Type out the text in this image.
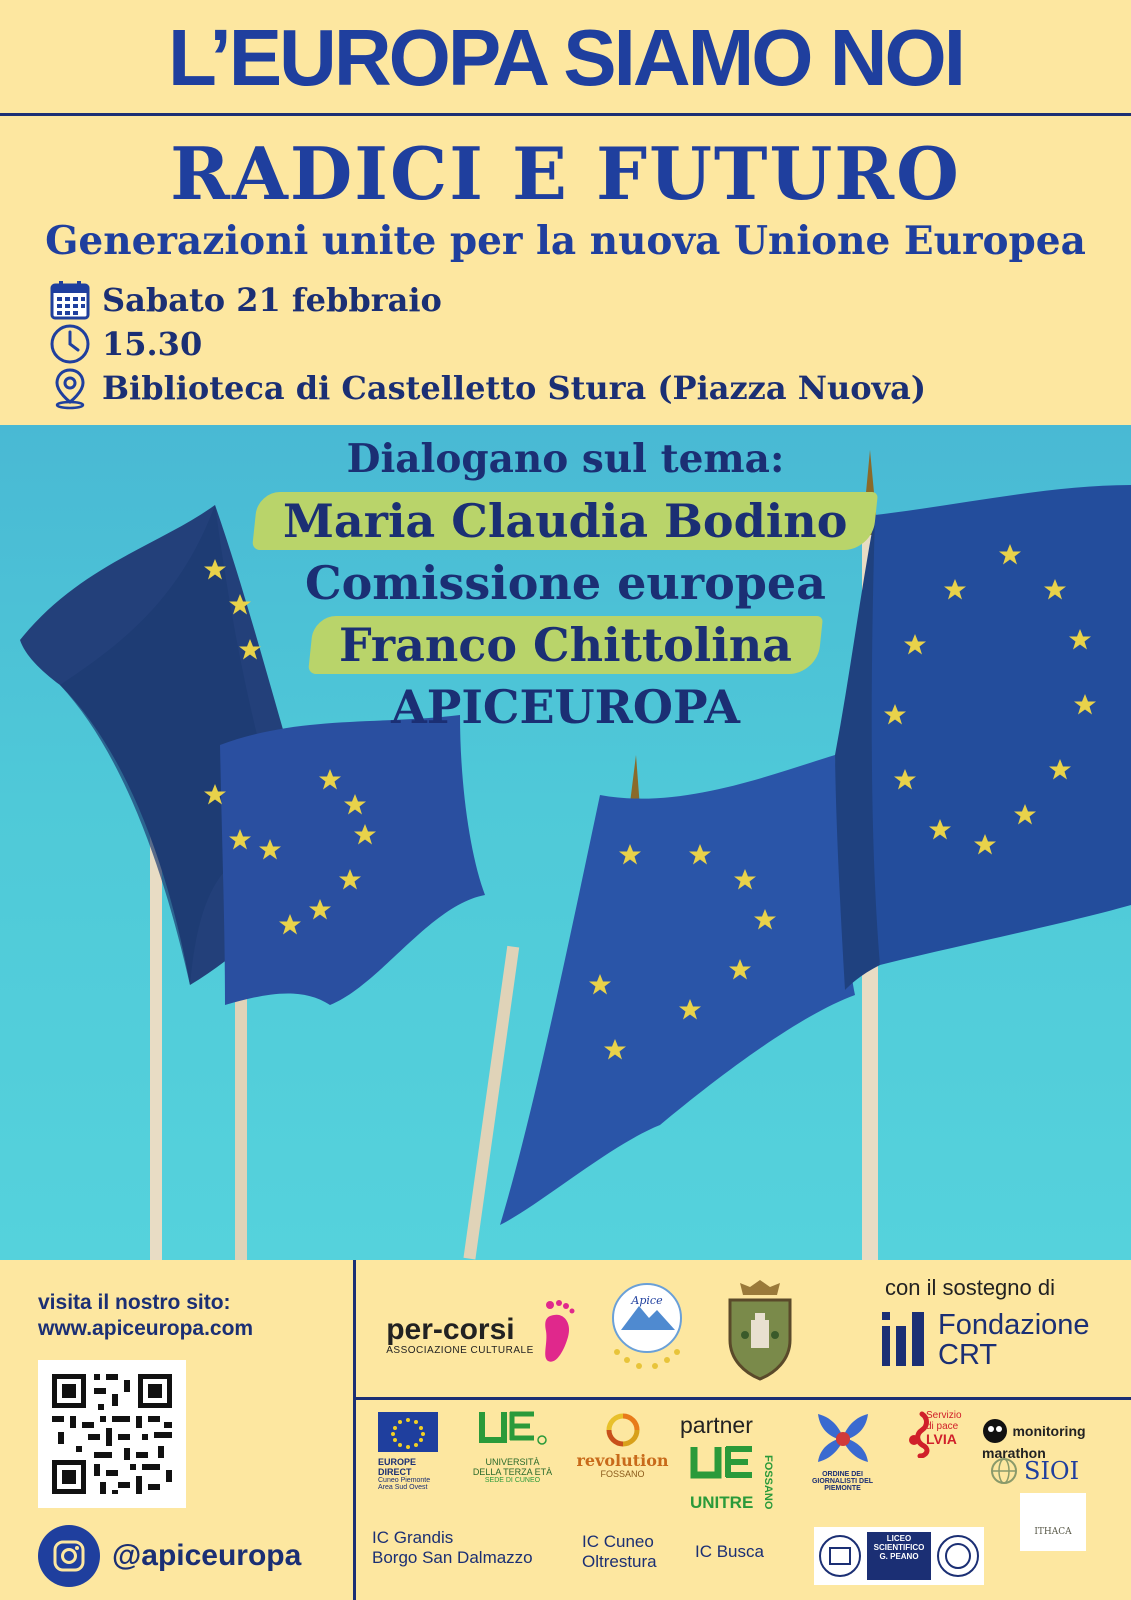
L’EUROPA SIAMO NOI
RADICI E FUTURO
Generazioni unite per la nuova Unione Europea
Sabato 21 febbraio
15.30
Biblioteca di Castelletto Stura (Piazza Nuova)
Dialogano sul tema:
Maria Claudia Bodino
Comissione europea
Franco Chittolina
APICEUROPA
visita il nostro sito:
www.apiceuropa.com
@apiceuropa
per-corsi
ASSOCIAZIONE CULTURALE
Apice
con il sostegno di
Fondazione
CRT
partner
EUROPE DIRECT
Cuneo Piemonte Area Sud Ovest
UNIVERSITÀ
DELLA TERZA ETÀ
SEDE DI CUNEO
revolution
FOSSANO
UNITRE FOSSANO	ORDINE DEI GIORNALISTI DEL PIEMONTE
Servizio
di pace
LVIA	monitoring marathon
SIOI
ITHACA
LICEO SCIENTIFICO G. PEANO
IC Grandis
Borgo San Dalmazzo
IC Cuneo
Oltrestura
IC Busca
